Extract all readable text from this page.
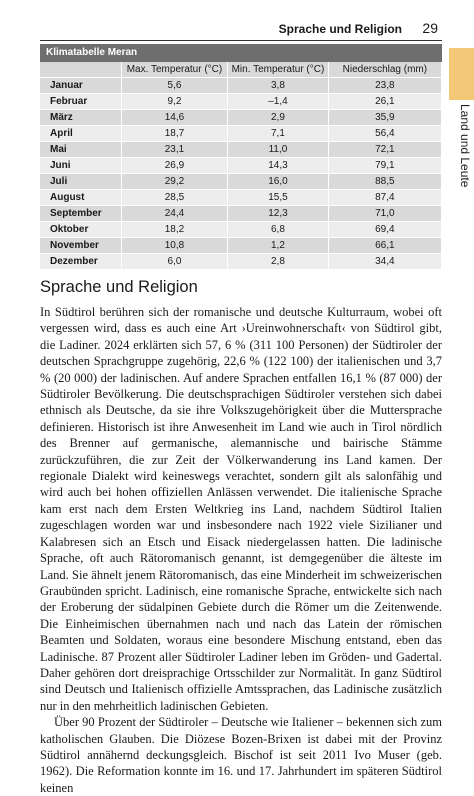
Sprache und Religion 29
Land und Leute
Klimatabelle Meran
	Max. Temperatur (°C)	Min. Temperatur (°C)	Niederschlag (mm)
Januar	5,6	3,8	23,8
Februar	9,2	–1,4	26,1
März	14,6	2,9	35,9
April	18,7	7,1	56,4
Mai	23,1	11,0	72,1
Juni	26,9	14,3	79,1
Juli	29,2	16,0	88,5
August	28,5	15,5	87,4
September	24,4	12,3	71,0
Oktober	18,2	6,8	69,4
November	10,8	1,2	66,1
Dezember	6,0	2,8	34,4
Sprache und Religion

In Südtirol berühren sich der romanische und deutsche Kulturraum, wobei oft vergessen wird, dass es auch eine Art ›Ureinwohnerschaft‹ von Südtirol gibt, die Ladiner. 2024 erklärten sich 57, 6 % (311 100 Personen) der Südtiroler der deutschen Sprachgruppe zugehörig, 22,6 % (122 100) der italienischen und 3,7 % (20 000) der ladinischen. Auf andere Sprachen entfallen 16,1 % (87 000) der Südtiroler Bevölkerung. Die deutschsprachigen Südtiroler verstehen sich dabei ethnisch als Deutsche, da sie ihre Volkszugehörigkeit über die Muttersprache definieren. Historisch ist ihre Anwesenheit im Land wie auch in Tirol nördlich des Brenner auf germanische, alemannische und bairische Stämme zurückzuführen, die zur Zeit der Völkerwanderung ins Land kamen. Der regionale Dialekt wird keineswegs verachtet, sondern gilt als salonfähig und wird auch bei hohen offiziellen Anlässen verwendet. Die italienische Sprache kam erst nach dem Ersten Weltkrieg ins Land, nachdem Südtirol Italien zugeschlagen worden war und insbesondere nach 1922 viele Sizilianer und Kalabresen sich an Etsch und Eisack niedergelassen hatten. Die ladinische Sprache, oft auch Rätoromanisch genannt, ist demgegenüber die älteste im Land. Sie ähnelt jenem Rätoromanisch, das eine Minderheit im schweizerischen Graubünden spricht. Ladinisch, eine romanische Sprache, entwickelte sich nach der Eroberung der südalpinen Gebiete durch die Römer um die Zeitenwende. Die Einheimischen übernahmen nach und nach das Latein der römischen Beamten und Soldaten, woraus eine besondere Mischung entstand, eben das Ladinische. 87 Prozent aller Südtiroler Ladiner leben im Gröden- und Gadertal. Daher gehören dort dreisprachige Ortsschilder zur Normalität. In ganz Südtirol sind Deutsch und Italienisch offizielle Amtssprachen, das Ladinische zusätzlich nur in den mehrheitlich ladinischen Gebieten.

Über 90 Prozent der Südtiroler – Deutsche wie Italiener – bekennen sich zum katholischen Glauben. Die Diözese Bozen-Brixen ist dabei mit der Provinz Südtirol annähernd deckungsgleich. Bischof ist seit 2011 Ivo Muser (geb. 1962). Die Reformation konnte im 16. und 17. Jahrhundert im späteren Südtirol keinen
